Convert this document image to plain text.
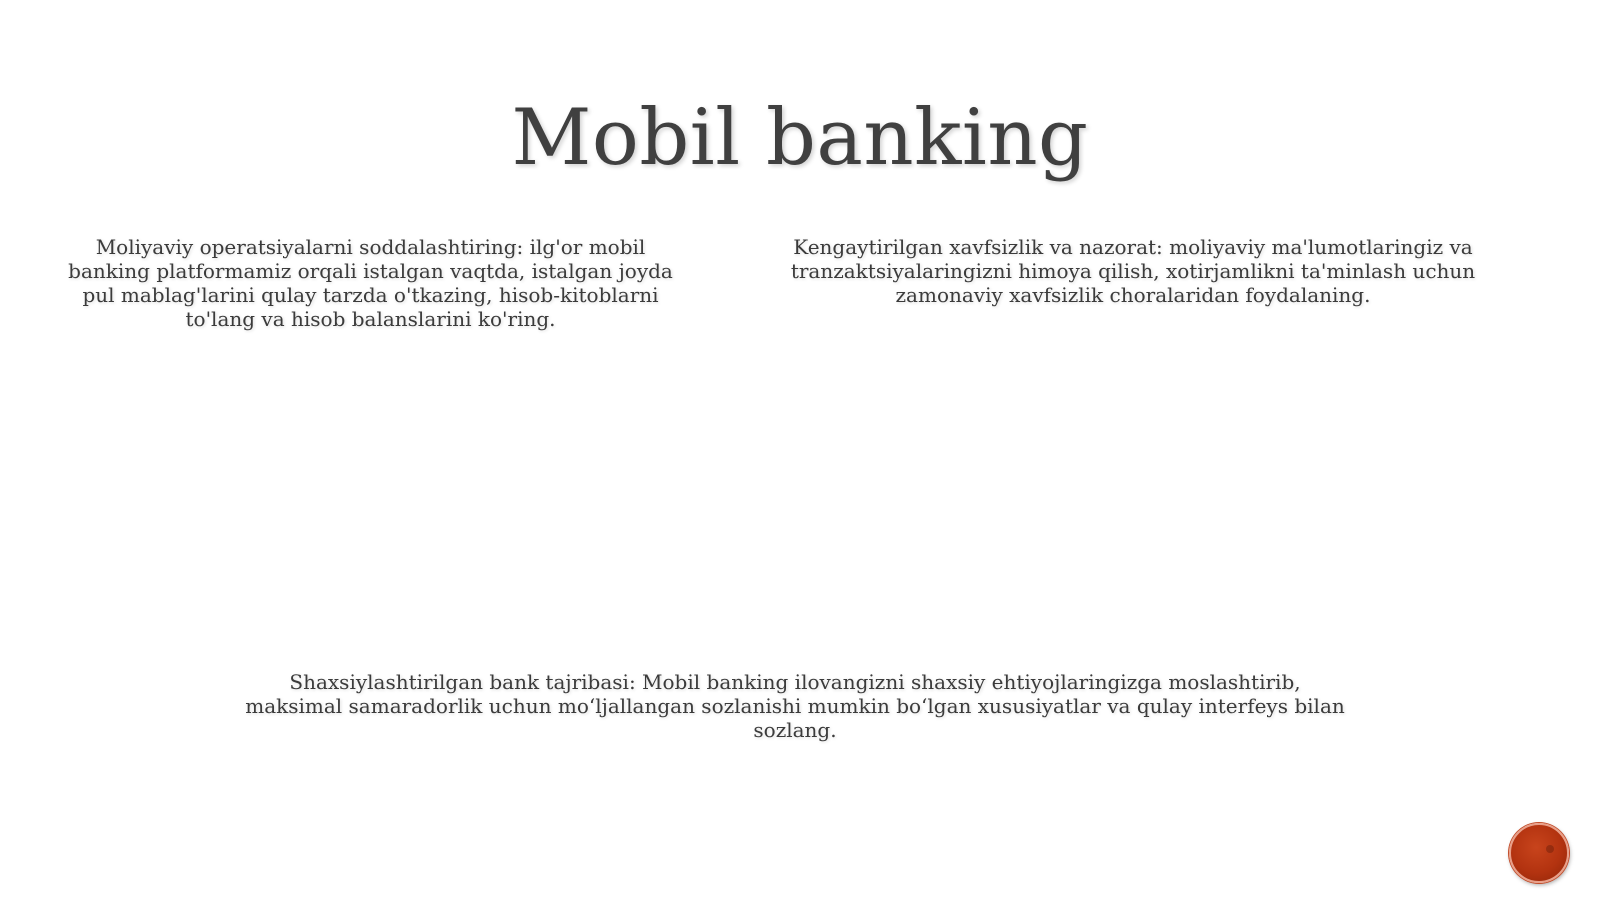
Mobil banking

Moliyaviy operatsiyalarni soddalashtiring: ilg'or mobil banking platformamiz orqali istalgan vaqtda, istalgan joyda pul mablag'larini qulay tarzda o'tkazing, hisob-kitoblarni to'lang va hisob balanslarini ko'ring.

Kengaytirilgan xavfsizlik va nazorat: moliyaviy ma'lumotlaringiz va tranzaktsiyalaringizni himoya qilish, xotirjamlikni ta'minlash uchun zamonaviy xavfsizlik choralaridan foydalaning.

Shaxsiylashtirilgan bank tajribasi: Mobil banking ilovangizni shaxsiy ehtiyojlaringizga moslashtirib, maksimal samaradorlik uchun mo‘ljallangan sozlanishi mumkin bo‘lgan xususiyatlar va qulay interfeys bilan sozlang.
